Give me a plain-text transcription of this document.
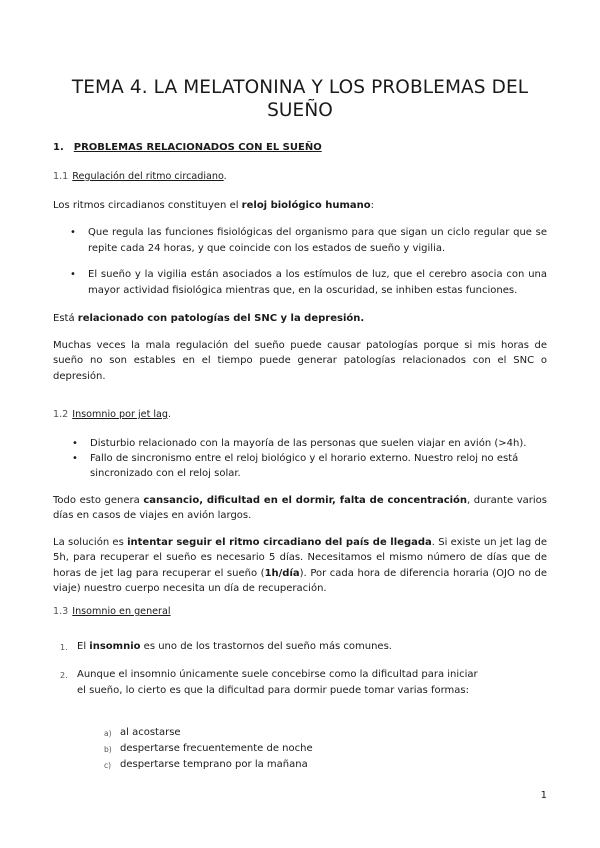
TEMA 4. LA MELATONINA Y LOS PROBLEMAS DEL
SUEÑO
1. PROBLEMAS RELACIONADOS CON EL SUEÑO
1.1 Regulación del ritmo circadiano.
Los ritmos circadianos constituyen el reloj biológico humano:
• Que regula las funciones fisiológicas del organismo para que sigan un ciclo regular que se repite cada 24 horas, y que coincide con los estados de sueño y vigilia.
• El sueño y la vigilia están asociados a los estímulos de luz, que el cerebro asocia con una mayor actividad fisiológica mientras que, en la oscuridad, se inhiben estas funciones.
Está relacionado con patologías del SNC y la depresión.
Muchas veces la mala regulación del sueño puede causar patologías porque si mis horas de sueño no son estables en el tiempo puede generar patologías relacionados con el SNC o depresión.
1.2 Insomnio por jet lag.
• Disturbio relacionado con la mayoría de las personas que suelen viajar en avión (>4h).
• Fallo de sincronismo entre el reloj biológico y el horario externo. Nuestro reloj no está sincronizado con el reloj solar.
Todo esto genera cansancio, dificultad en el dormir, falta de concentración, durante varios días en casos de viajes en avión largos.
La solución es intentar seguir el ritmo circadiano del país de llegada. Si existe un jet lag de 5h, para recuperar el sueño es necesario 5 días. Necesitamos el mismo número de días que de horas de jet lag para recuperar el sueño (1h/día). Por cada hora de diferencia horaria (OJO no de viaje) nuestro cuerpo necesita un día de recuperación.
1.3 Insomnio en general
1. El insomnio es uno de los trastornos del sueño más comunes.
2. Aunque el insomnio únicamente suele concebirse como la dificultad para iniciar el sueño, lo cierto es que la dificultad para dormir puede tomar varias formas:
a) al acostarse
b) despertarse frecuentemente de noche
c) despertarse temprano por la mañana
1
